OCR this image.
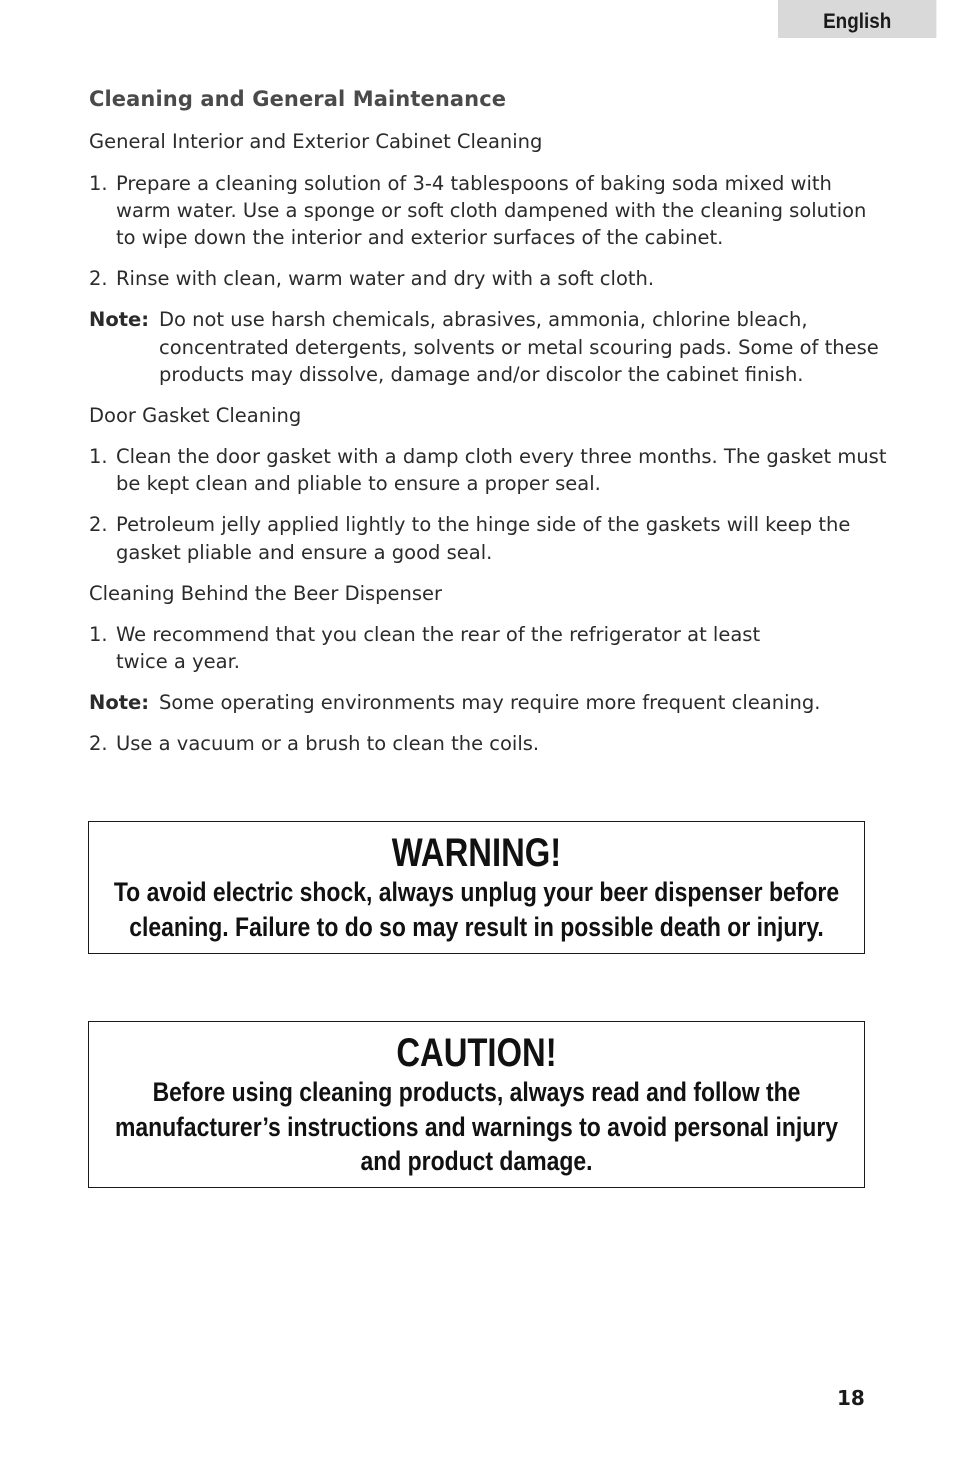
English
Cleaning and General Maintenance
General Interior and Exterior Cabinet Cleaning
1. Prepare a cleaning solution of 3-4 tablespoons of baking soda mixed with
warm water. Use a sponge or soft cloth dampened with the cleaning solution
to wipe down the interior and exterior surfaces of the cabinet.
2. Rinse with clean, warm water and dry with a soft cloth.
Note: Do not use harsh chemicals, abrasives, ammonia, chlorine bleach,
concentrated detergents, solvents or metal scouring pads. Some of these
products may dissolve, damage and/or discolor the cabinet finish.
Door Gasket Cleaning
1. Clean the door gasket with a damp cloth every three months. The gasket must
be kept clean and pliable to ensure a proper seal.
2. Petroleum jelly applied lightly to the hinge side of the gaskets will keep the
gasket pliable and ensure a good seal.
Cleaning Behind the Beer Dispenser
1. We recommend that you clean the rear of the refrigerator at least
twice a year.
Note: Some operating environments may require more frequent cleaning.
2. Use a vacuum or a brush to clean the coils.
WARNING!
To avoid electric shock, always unplug your beer dispenser before
cleaning. Failure to do so may result in possible death or injury.
CAUTION!
Before using cleaning products, always read and follow the
manufacturer’s instructions and warnings to avoid personal injury
and product damage.
18
